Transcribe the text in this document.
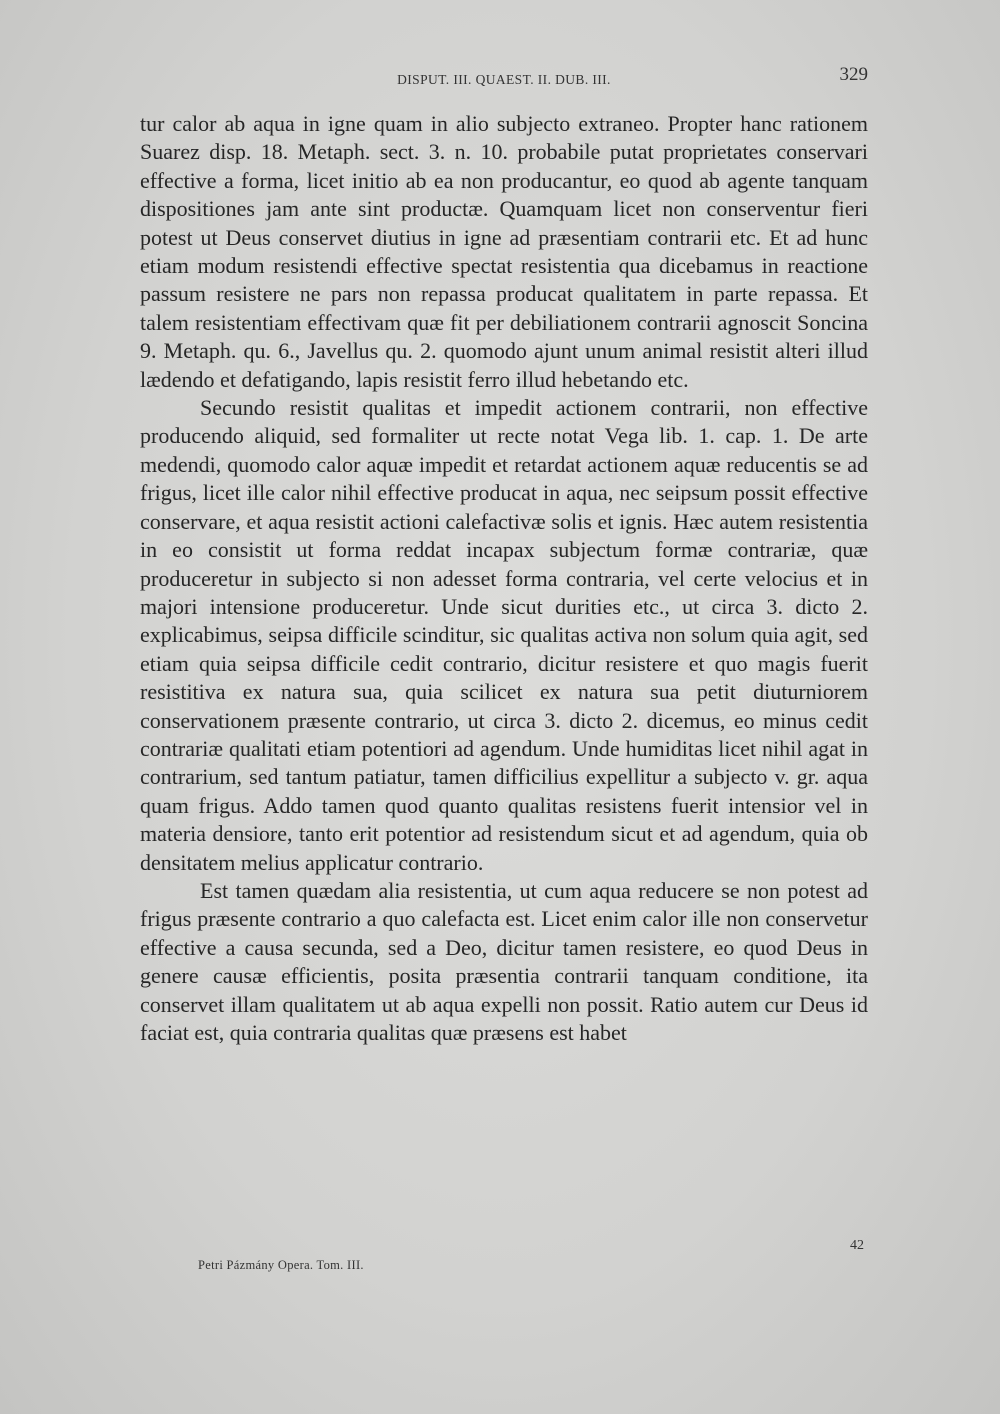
DISPUT. III. QUAEST. II. DUB. III.	329

tur calor ab aqua in igne quam in alio subjecto extraneo. Propter hanc rationem Suarez disp. 18. Metaph. sect. 3. n. 10. probabile putat proprietates conservari effective a forma, licet initio ab ea non producantur, eo quod ab agente tanquam dispositiones jam ante sint productæ. Quamquam licet non conserventur fieri potest ut Deus conservet diutius in igne ad præsentiam contrarii etc. Et ad hunc etiam modum resistendi effective spectat resistentia qua dicebamus in reactione passum resistere ne pars non repassa producat qualitatem in parte repassa. Et talem resistentiam effectivam quæ fit per debiliationem contrarii agnoscit Soncina 9. Metaph. qu. 6., Javellus qu. 2. quomodo ajunt unum animal resistit alteri illud lædendo et defatigando, lapis resistit ferro illud hebetando etc.

Secundo resistit qualitas et impedit actionem contrarii, non effective producendo aliquid, sed formaliter ut recte notat Vega lib. 1. cap. 1. De arte medendi, quomodo calor aquæ impedit et retardat actionem aquæ reducentis se ad frigus, licet ille calor nihil effective producat in aqua, nec seipsum possit effective conservare, et aqua resistit actioni calefactivæ solis et ignis. Hæc autem resistentia in eo consistit ut forma reddat incapax subjectum formæ contrariæ, quæ produceretur in subjecto si non adesset forma contraria, vel certe velocius et in majori intensione produceretur. Unde sicut durities etc., ut circa 3. dicto 2. explicabimus, seipsa difficile scinditur, sic qualitas activa non solum quia agit, sed etiam quia seipsa difficile cedit contrario, dicitur resistere et quo magis fuerit resistitiva ex natura sua, quia scilicet ex natura sua petit diuturniorem conservationem præsente contrario, ut circa 3. dicto 2. dicemus, eo minus cedit contrariæ qualitati etiam potentiori ad agendum. Unde humiditas licet nihil agat in contrarium, sed tantum patiatur, tamen difficilius expellitur a subjecto v. gr. aqua quam frigus. Addo tamen quod quanto qualitas resistens fuerit intensior vel in materia densiore, tanto erit potentior ad resistendum sicut et ad agendum, quia ob densitatem melius applicatur contrario.

Est tamen quædam alia resistentia, ut cum aqua reducere se non potest ad frigus præsente contrario a quo calefacta est. Licet enim calor ille non conservetur effective a causa secunda, sed a Deo, dicitur tamen resistere, eo quod Deus in genere causæ efficientis, posita præsentia contrarii tanquam conditione, ita conservet illam qualitatem ut ab aqua expelli non possit. Ratio autem cur Deus id faciat est, quia contraria qualitas quæ præsens est habet

42
Petri Pázmány Opera. Tom. III.
